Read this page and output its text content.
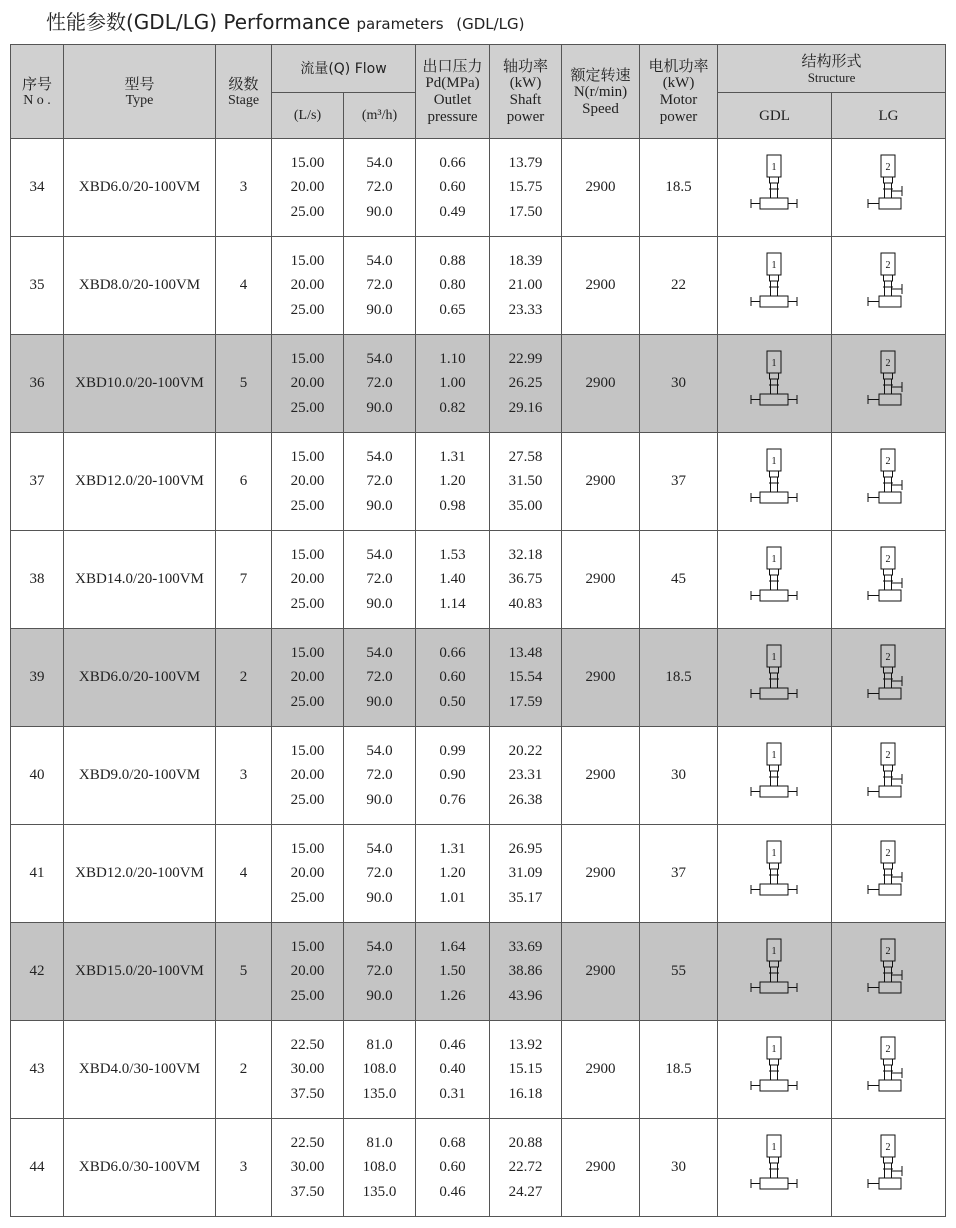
性能参数(GDL/LG) Performance parameters (GDL/LG)
序号
N o .	型号
Type	级数
Stage	流量(Q) Flow		出口压力
Pd(MPa)
Outlet
pressure	轴功率
(kW)
Shaft
power	额定转速
N(r/min)
Speed	电机功率
(kW)
Motor
power	结构形式
Structure	

			(L/s)	(m³/h)					GDL	LG

34	XBD6.0/20-100VM	3	15.00
20.00
25.00	54.0
72.0
90.0	0.66
0.60
0.49	13.79
15.75
17.50	2900	18.5	1	2

35	XBD8.0/20-100VM	4	15.00
20.00
25.00	54.0
72.0
90.0	0.88
0.80
0.65	18.39
21.00
23.33	2900	22	1	2

36	XBD10.0/20-100VM	5	15.00
20.00
25.00	54.0
72.0
90.0	1.10
1.00
0.82	22.99
26.25
29.16	2900	30	1	2

37	XBD12.0/20-100VM	6	15.00
20.00
25.00	54.0
72.0
90.0	1.31
1.20
0.98	27.58
31.50
35.00	2900	37	1	2

38	XBD14.0/20-100VM	7	15.00
20.00
25.00	54.0
72.0
90.0	1.53
1.40
1.14	32.18
36.75
40.83	2900	45	1	2

39	XBD6.0/20-100VM	2	15.00
20.00
25.00	54.0
72.0
90.0	0.66
0.60
0.50	13.48
15.54
17.59	2900	18.5	1	2

40	XBD9.0/20-100VM	3	15.00
20.00
25.00	54.0
72.0
90.0	0.99
0.90
0.76	20.22
23.31
26.38	2900	30	1	2

41	XBD12.0/20-100VM	4	15.00
20.00
25.00	54.0
72.0
90.0	1.31
1.20
1.01	26.95
31.09
35.17	2900	37	1	2

42	XBD15.0/20-100VM	5	15.00
20.00
25.00	54.0
72.0
90.0	1.64
1.50
1.26	33.69
38.86
43.96	2900	55	1	2

43	XBD4.0/30-100VM	2	22.50
30.00
37.50	81.0
108.0
135.0	0.46
0.40
0.31	13.92
15.15
16.18	2900	18.5	1	2

44	XBD6.0/30-100VM	3	22.50
30.00
37.50	81.0
108.0
135.0	0.68
0.60
0.46	20.88
22.72
24.27	2900	30	1	2
